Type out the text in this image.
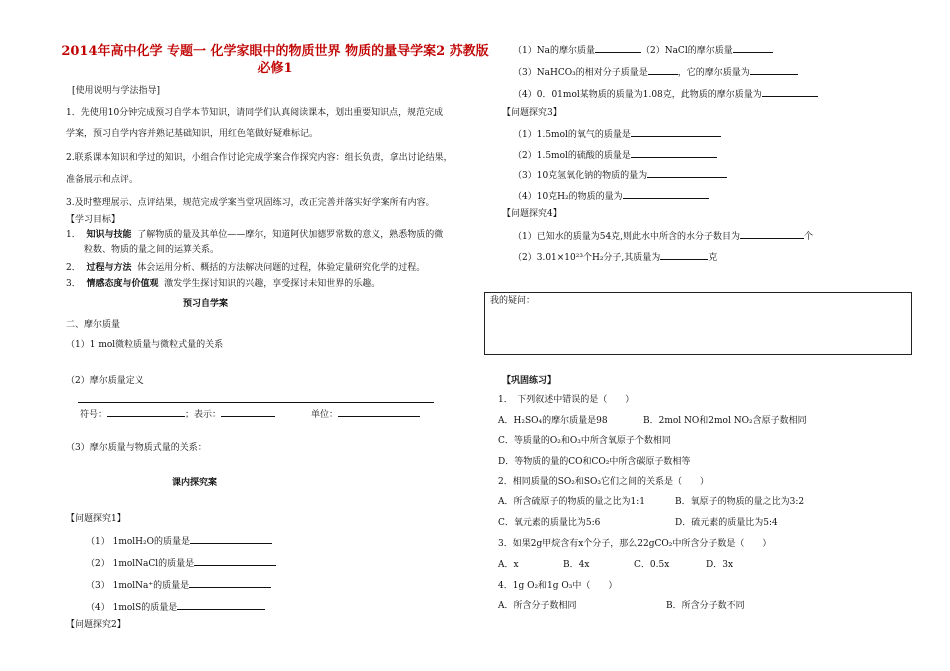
2014年高中化学 专题一 化学家眼中的物质世界 物质的量导学案2 苏教版必修1
[使用说明与学法指导]
1．先使用10分钟完成预习自学本节知识，请同学们认真阅读课本，划出重要知识点，规范完成
学案，预习自学内容并熟记基础知识，用红色笔做好疑难标记。
2.联系课本知识和学过的知识，小组合作讨论完成学案合作探究内容：组长负责，拿出讨论结果，
准备展示和点评。
3.及时整理展示、点评结果，规范完成学案当堂巩固练习，改正完善并落实好学案所有内容。
【学习目标】
1．  知识与技能 了解物质的量及其单位——摩尔，知道阿伏加德罗常数的意义，熟悉物质的微
粒数、物质的量之间的运算关系。
2．  过程与方法 体会运用分析、概括的方法解决问题的过程，体验定量研究化学的过程。
3．  情感态度与价值观 激发学生探讨知识的兴趣，享受探讨未知世界的乐趣。
预习自学案
二、摩尔质量
（1）1 mol微粒质量与微粒式量的关系
（2）摩尔质量定义
符号：	；表示：	单位：
（3）摩尔质量与物质式量的关系：
课内探究案
【问题探究1】
（1） 1molH₂O的质量是
（2） 1molNaCl的质量是
（3） 1molNa⁺的质量是
（4） 1molS的质量是
【问题探究2】
（1）Na的摩尔质量	（2）NaCl的摩尔质量
（3）NaHCO₃的相对分子质量是	，它的摩尔质量为
（4）0．01mol某物质的质量为1.08克，此物质的摩尔质量为
【问题探究3】
（1）1.5mol的氧气的质量是
（2）1.5mol的硫酸的质量是
（3）10克氢氧化钠的物质的量为
（4）10克H₂的物质的量为
【问题探究4】
（1）已知水的质量为54克,则此水中所含的水分子数目为	个
（2）3.01×10²³个H₂分子,其质量为	克
我的疑问：
【巩固练习】
1．　下列叙述中错误的是（　　）
A．H₂SO₄的摩尔质量是98	B．2mol NO和2mol NO₂含原子数相同
C．等质量的O₂和O₃中所含氧原子个数相同
D．等物质的量的CO和CO₂中所含碳原子数相等
2．相同质量的SO₂和SO₃它们之间的关系是（　　）
A．所含硫原子的物质的量之比为1:1	B．氧原子的物质的量之比为3:2
C．氧元素的质量比为5:6	D．硫元素的质量比为5:4
3．如果2g甲烷含有x个分子，那么22gCO₂中所含分子数是（　　）
A．x	B．4x	C．0.5x	D．3x
4．1g O₂和1g O₃中（　　）
A．所含分子数相同	B．所含分子数不同
